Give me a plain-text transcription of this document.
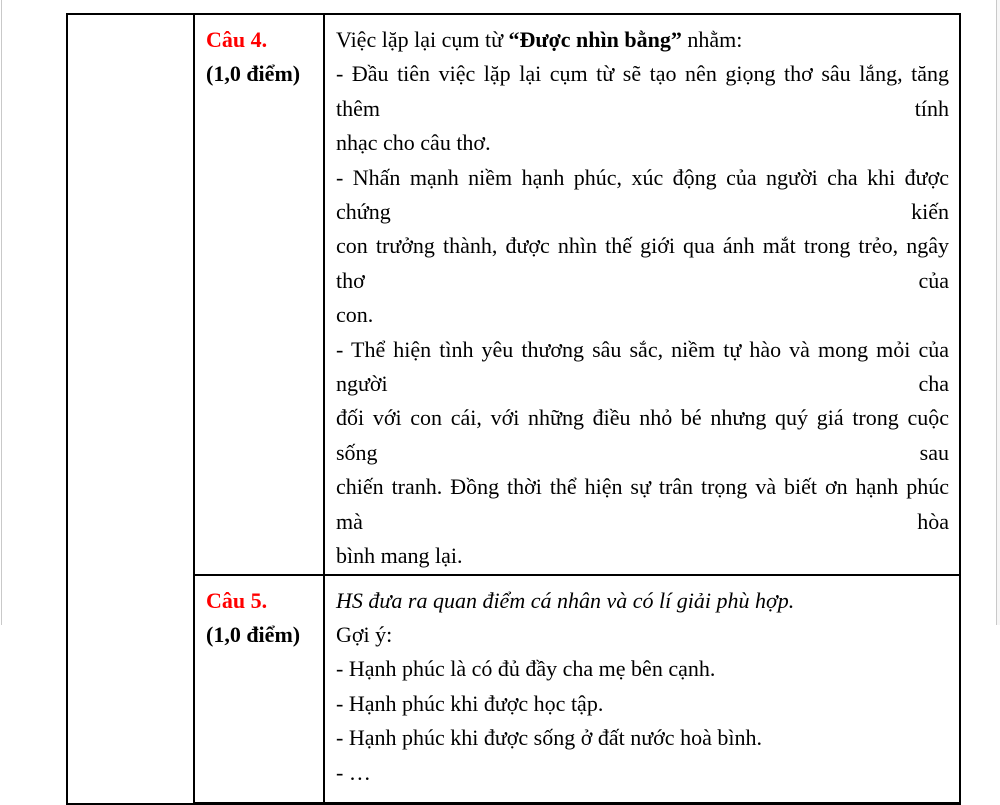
Câu 4.
(1,0 điểm)

Việc lặp lại cụm từ “Được nhìn bằng” nhằm:
- Đầu tiên việc lặp lại cụm từ sẽ tạo nên giọng thơ sâu lắng, tăng thêm tính
nhạc cho câu thơ.
- Nhấn mạnh niềm hạnh phúc, xúc động của người cha khi được chứng kiến
con trưởng thành, được nhìn thế giới qua ánh mắt trong trẻo, ngây thơ của
con.
- Thể hiện tình yêu thương sâu sắc, niềm tự hào và mong mỏi của người cha
đối với con cái, với những điều nhỏ bé nhưng quý giá trong cuộc sống sau
chiến tranh. Đồng thời thể hiện sự trân trọng và biết ơn hạnh phúc mà hòa
bình mang lại.

Câu 5.
(1,0 điểm)

HS đưa ra quan điểm cá nhân và có lí giải phù hợp.
Gợi ý:
- Hạnh phúc là có đủ đầy cha mẹ bên cạnh.
- Hạnh phúc khi được học tập.
- Hạnh phúc khi được sống ở đất nước hoà bình.
- …
